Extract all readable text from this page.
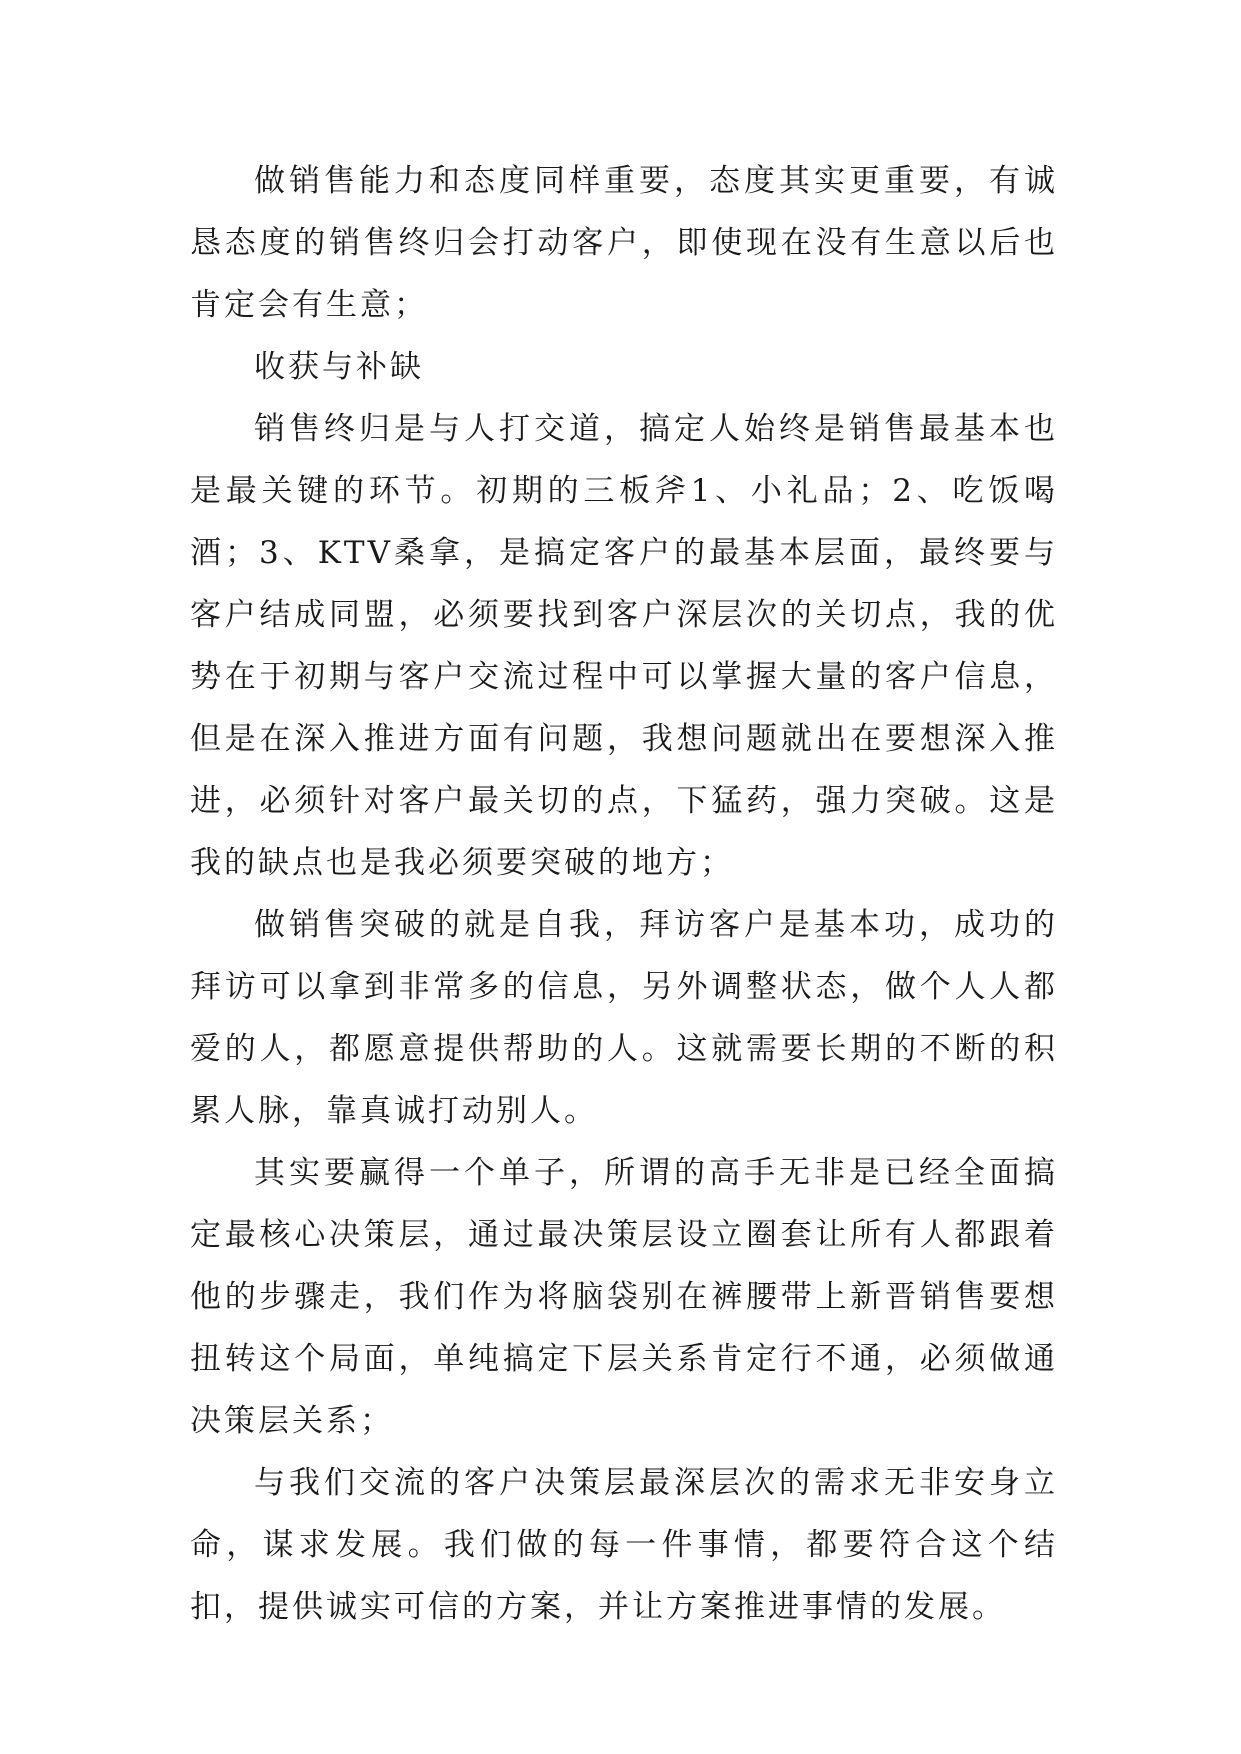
做销售能力和态度同样重要，态度其实更重要，有诚恳态度的销售终归会打动客户，即使现在没有生意以后也肯定会有生意；

收获与补缺

销售终归是与人打交道，搞定人始终是销售最基本也是最关键的环节。初期的三板斧1、小礼品；2、吃饭喝酒；3、KTV桑拿，是搞定客户的最基本层面，最终要与客户结成同盟，必须要找到客户深层次的关切点，我的优势在于初期与客户交流过程中可以掌握大量的客户信息，但是在深入推进方面有问题，我想问题就出在要想深入推进，必须针对客户最关切的点，下猛药，强力突破。这是我的缺点也是我必须要突破的地方；

做销售突破的就是自我，拜访客户是基本功，成功的拜访可以拿到非常多的信息，另外调整状态，做个人人都爱的人，都愿意提供帮助的人。这就需要长期的不断的积累人脉，靠真诚打动别人。

其实要赢得一个单子，所谓的高手无非是已经全面搞定最核心决策层，通过最决策层设立圈套让所有人都跟着他的步骤走，我们作为将脑袋别在裤腰带上新晋销售要想扭转这个局面，单纯搞定下层关系肯定行不通，必须做通决策层关系；

与我们交流的客户决策层最深层次的需求无非安身立命，谋求发展。我们做的每一件事情，都要符合这个结扣，提供诚实可信的方案，并让方案推进事情的发展。
